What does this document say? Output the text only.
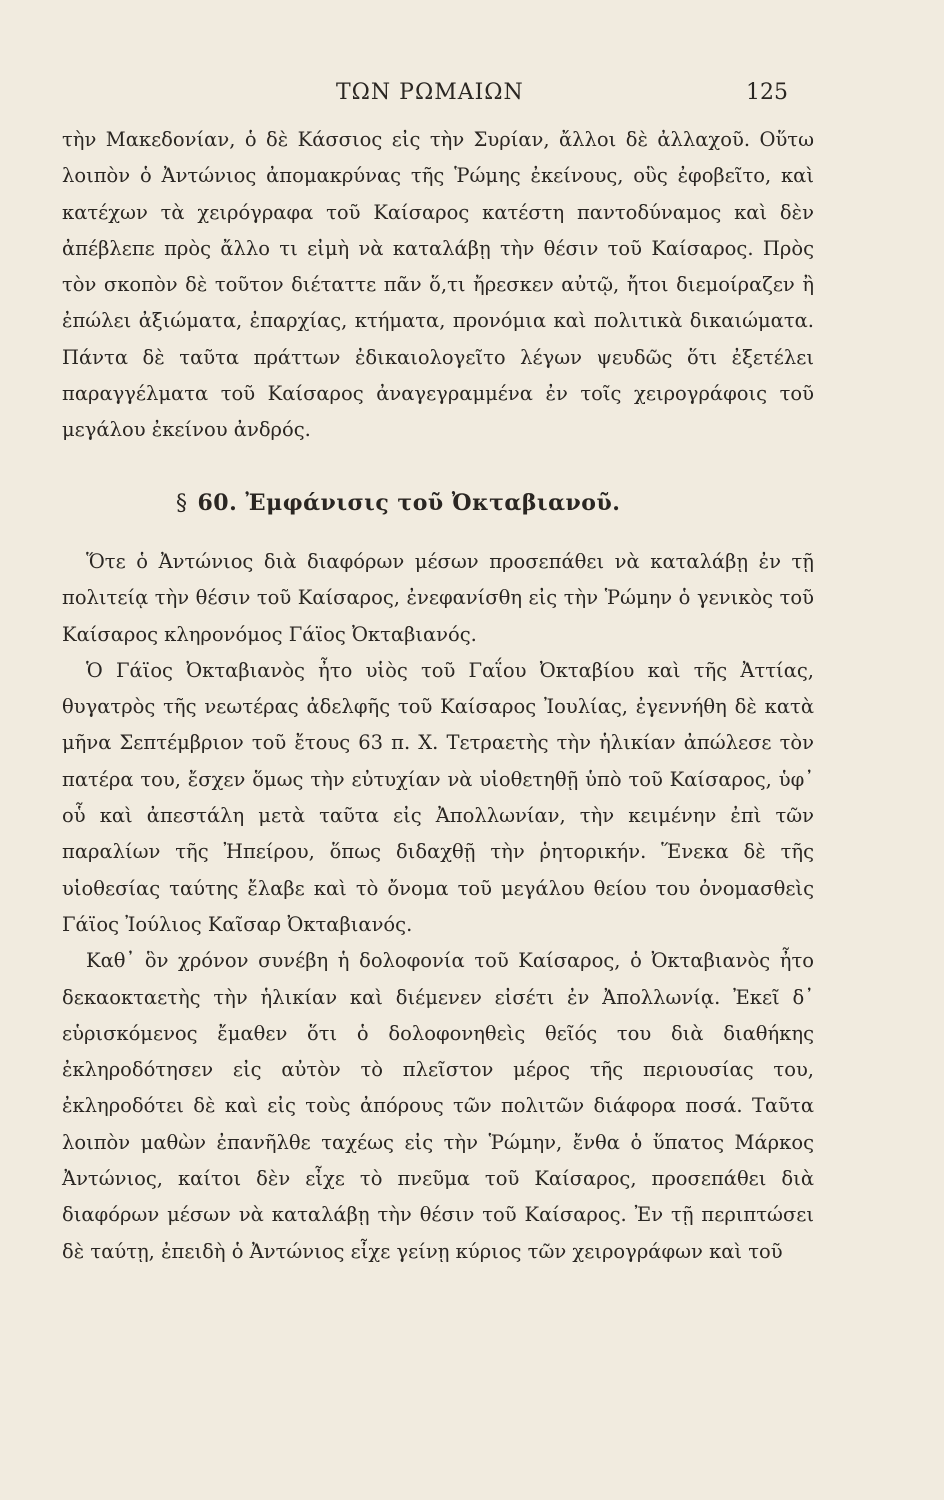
ΤΩΝ ΡΩΜΑΙΩΝ	125

τὴν Μακεδονίαν, ὁ δὲ Κάσσιος εἰς τὴν Συρίαν, ἄλλοι δὲ ἀλλαχοῦ. Οὕτω λοιπὸν ὁ Ἀντώνιος ἀπομακρύνας τῆς Ῥώμης ἐκείνους, οὓς ἐφοβεῖτο, καὶ κατέχων τὰ χειρόγραφα τοῦ Καίσαρος κατέστη παντοδύναμος καὶ δὲν ἀπέβλεπε πρὸς ἄλλο τι εἰμὴ νὰ καταλάβῃ τὴν θέσιν τοῦ Καίσαρος. Πρὸς τὸν σκοπὸν δὲ τοῦτον διέταττε πᾶν ὅ,τι ἤρεσκεν αὐτῷ, ἤτοι διεμοίραζεν ἢ ἐπώλει ἀξιώματα, ἐπαρχίας, κτήματα, προνόμια καὶ πολιτικὰ δικαιώματα. Πάντα δὲ ταῦτα πράττων ἐδικαιολογεῖτο λέγων ψευδῶς ὅτι ἐξετέλει παραγγέλματα τοῦ Καίσαρος ἀναγεγραμμένα ἐν τοῖς χειρογράφοις τοῦ μεγάλου ἐκείνου ἀνδρός.

§ 60. Ἐμφάνισις τοῦ Ὀκταβιανοῦ.

Ὅτε ὁ Ἀντώνιος διὰ διαφόρων μέσων προσεπάθει νὰ καταλάβῃ ἐν τῇ πολιτείᾳ τὴν θέσιν τοῦ Καίσαρος, ἐνεφανίσθη εἰς τὴν Ῥώμην ὁ γενικὸς τοῦ Καίσαρος κληρονόμος Γάϊος Ὀκταβιανός.

Ὁ Γάϊος Ὀκταβιανὸς ἦτο υἱὸς τοῦ Γαΐου Ὀκταβίου καὶ τῆς Ἀττίας, θυγατρὸς τῆς νεωτέρας ἀδελφῆς τοῦ Καίσαρος Ἰουλίας, ἐγεννήθη δὲ κατὰ μῆνα Σεπτέμβριον τοῦ ἔτους 63 π. Χ. Τετραετὴς τὴν ἡλικίαν ἀπώλεσε τὸν πατέρα του, ἔσχεν ὅμως τὴν εὐτυχίαν νὰ υἱοθετηθῇ ὑπὸ τοῦ Καίσαρος, ὑφ᾽ οὗ καὶ ἀπεστάλη μετὰ ταῦτα εἰς Ἀπολλωνίαν, τὴν κειμένην ἐπὶ τῶν παραλίων τῆς Ἠπείρου, ὅπως διδαχθῇ τὴν ῥητορικήν. Ἕνεκα δὲ τῆς υἱοθεσίας ταύτης ἔλαβε καὶ τὸ ὄνομα τοῦ μεγάλου θείου του ὀνομασθεὶς Γάϊος Ἰούλιος Καῖσαρ Ὀκταβιανός.

Καθ᾽ ὃν χρόνον συνέβη ἡ δολοφονία τοῦ Καίσαρος, ὁ Ὀκταβιανὸς ἦτο δεκαοκταετὴς τὴν ἡλικίαν καὶ διέμενεν εἰσέτι ἐν Ἀπολλωνίᾳ. Ἐκεῖ δ᾽ εὑρισκόμενος ἔμαθεν ὅτι ὁ δολοφονηθεὶς θεῖός του διὰ διαθήκης ἐκληροδότησεν εἰς αὐτὸν τὸ πλεῖστον μέρος τῆς περιουσίας του, ἐκληροδότει δὲ καὶ εἰς τοὺς ἀπόρους τῶν πολιτῶν διάφορα ποσά. Ταῦτα λοιπὸν μαθὼν ἐπανῆλθε ταχέως εἰς τὴν Ῥώμην, ἔνθα ὁ ὕπατος Μάρκος Ἀντώνιος, καίτοι δὲν εἶχε τὸ πνεῦμα τοῦ Καίσαρος, προσεπάθει διὰ διαφόρων μέσων νὰ καταλάβῃ τὴν θέσιν τοῦ Καίσαρος. Ἐν τῇ περιπτώσει δὲ ταύτῃ, ἐπειδὴ ὁ Ἀντώνιος εἶχε γείνῃ κύριος τῶν χειρογράφων καὶ τοῦ
